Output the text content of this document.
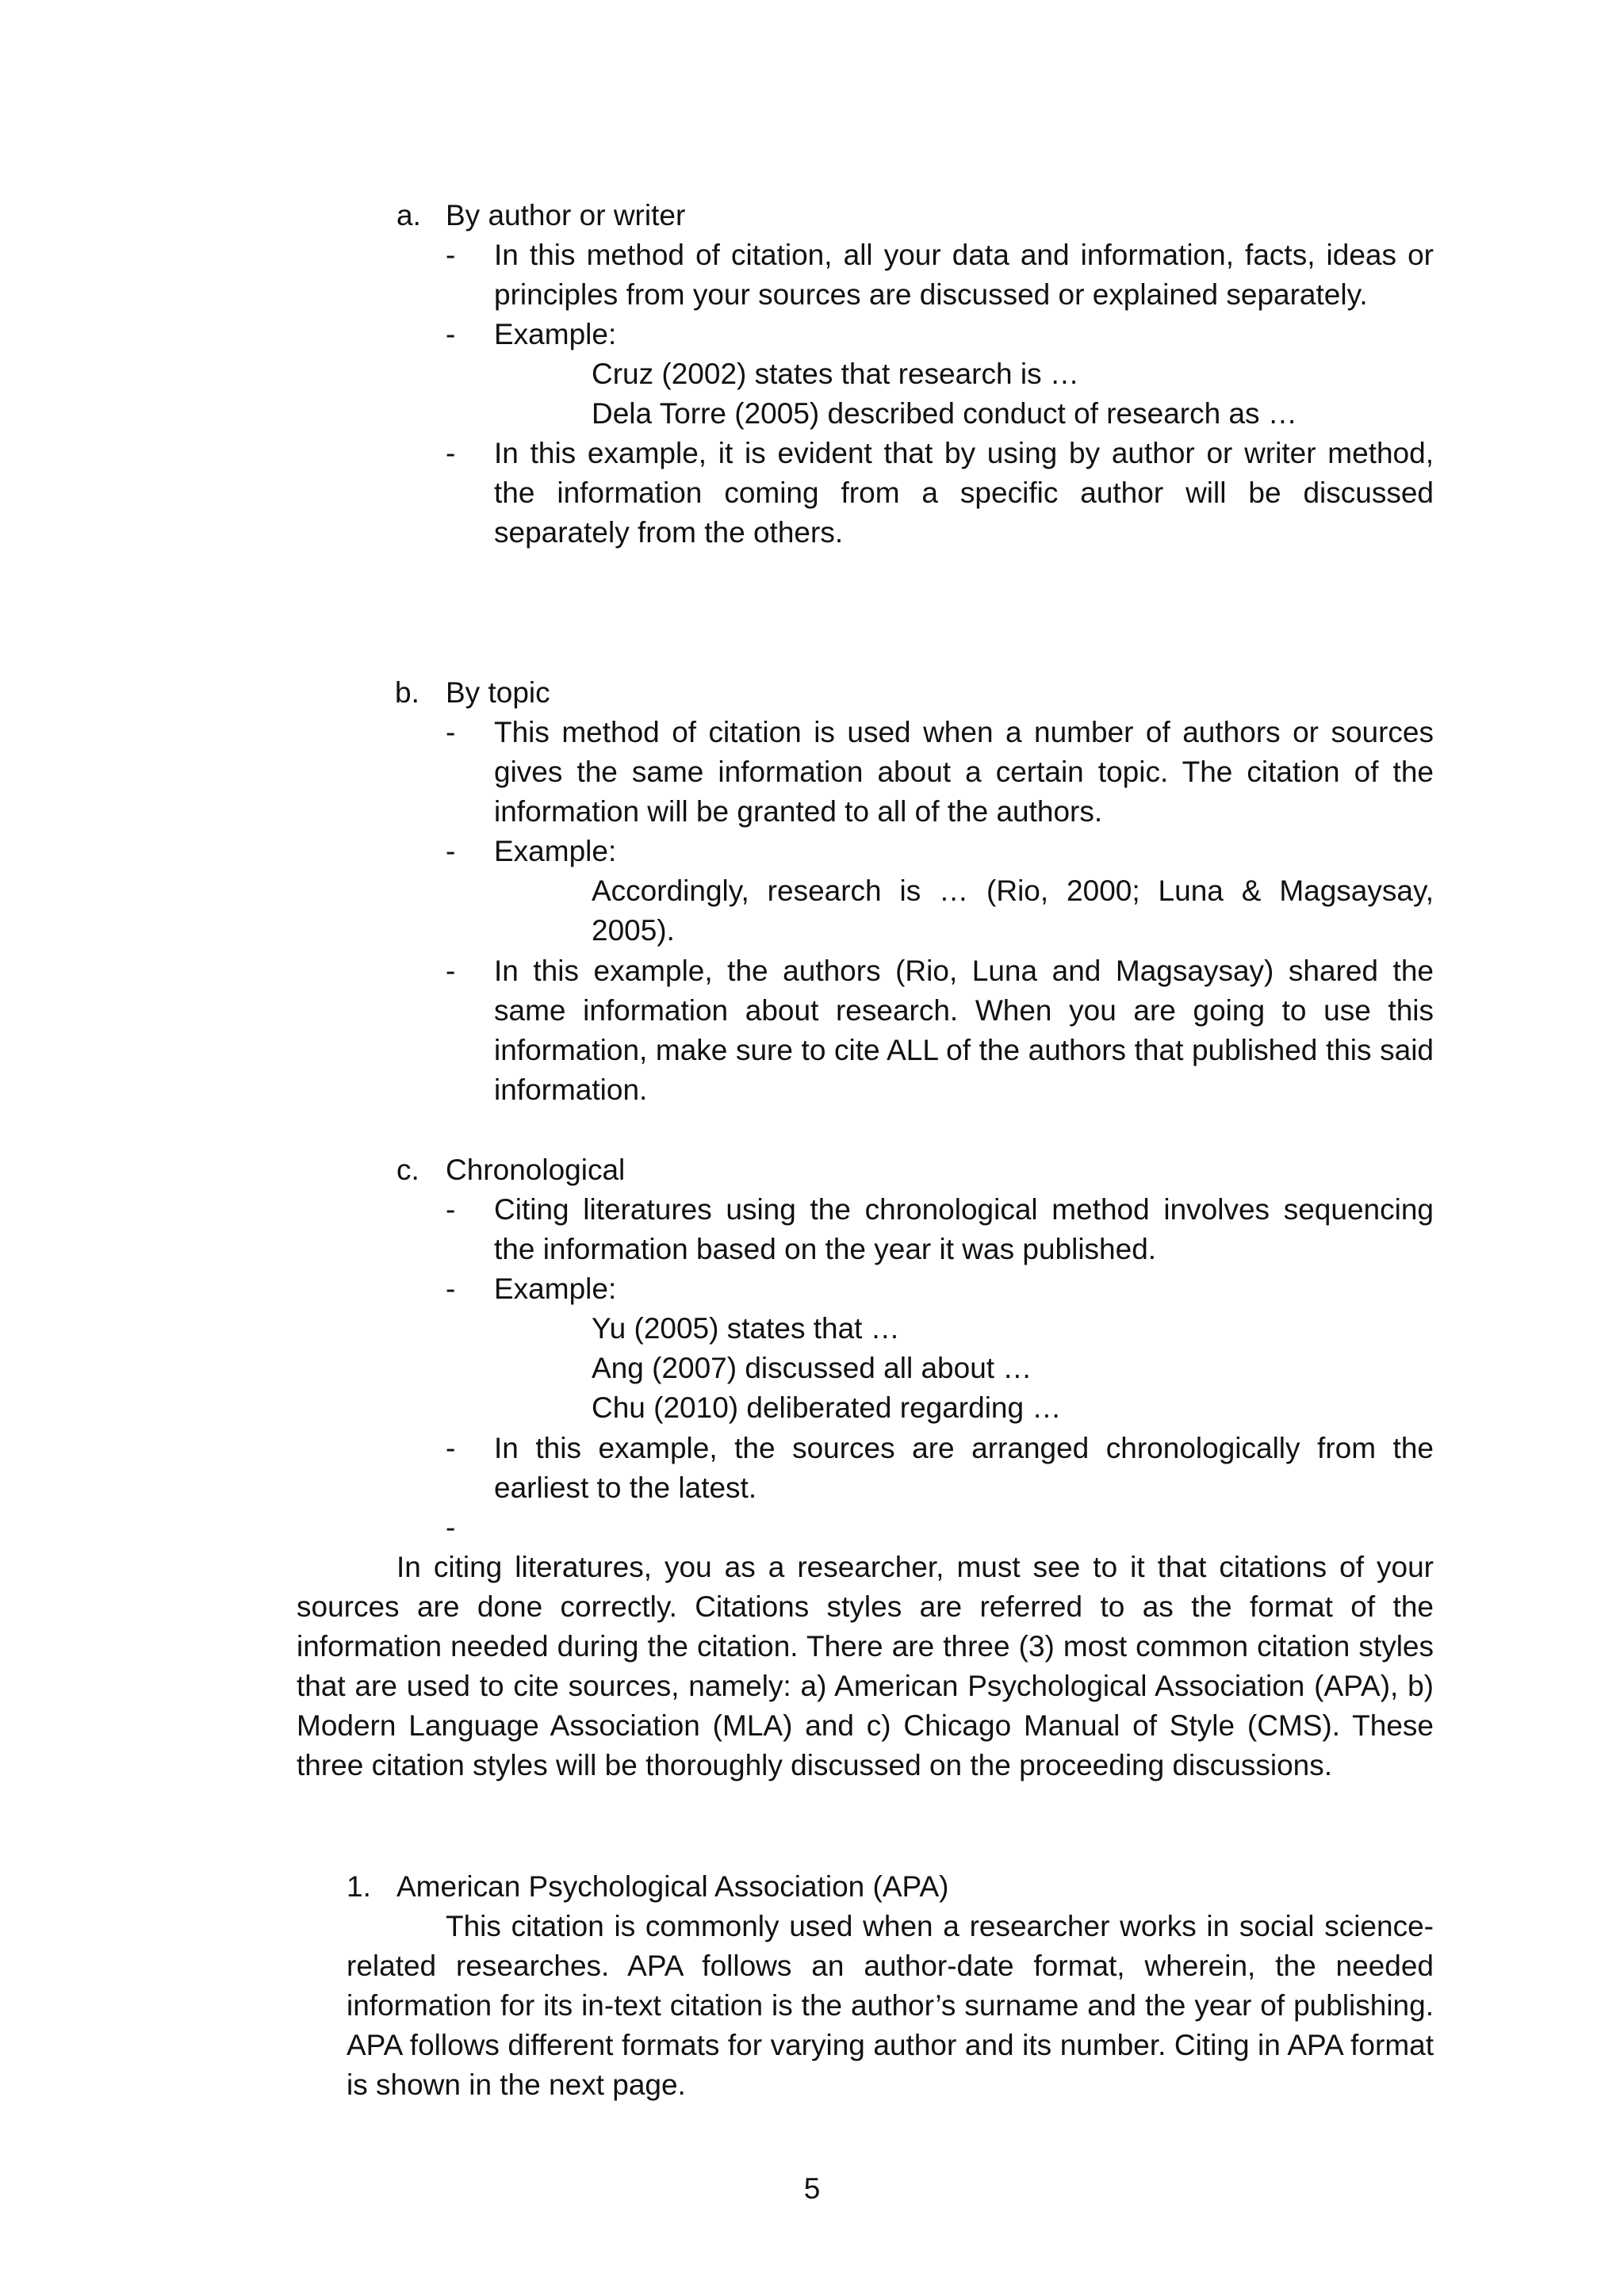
a. By author or writer
- In this method of citation, all your data and information, facts, ideas or principles from your sources are discussed or explained separately.

- Example:
Cruz (2002) states that research is …
Dela Torre (2005) described conduct of research as …
- In this example, it is evident that by using by author or writer method, the information coming from a specific author will be discussed separately from the others.

b. By topic
- This method of citation is used when a number of authors or sources gives the same information about a certain topic. The citation of the information will be granted to all of the authors.

- Example:

Accordingly, research is … (Rio, 2000; Luna & Magsaysay, 2005).

- In this example, the authors (Rio, Luna and Magsaysay) shared the same information about research. When you are going to use this information, make sure to cite ALL of the authors that published this said information.

c. Chronological
- Citing literatures using the chronological method involves sequencing the information based on the year it was published.

- Example:
Yu (2005) states that …
Ang (2007) discussed all about …
Chu (2010) deliberated regarding …
- In this example, the sources are arranged chronologically from the earliest to the latest.

-

In citing literatures, you as a researcher, must see to it that citations of your sources are done correctly. Citations styles are referred to as the format of the information needed during the citation. There are three (3) most common citation styles that are used to cite sources, namely: a) American Psychological Association (APA), b) Modern Language Association (MLA) and c) Chicago Manual of Style (CMS). These three citation styles will be thoroughly discussed on the proceeding discussions.

1. American Psychological Association (APA)

This citation is commonly used when a researcher works in social science-related researches. APA follows an author-date format, wherein, the needed information for its in-text citation is the author’s surname and the year of publishing. APA follows different formats for varying author and its number. Citing in APA format is shown in the next page.

5
